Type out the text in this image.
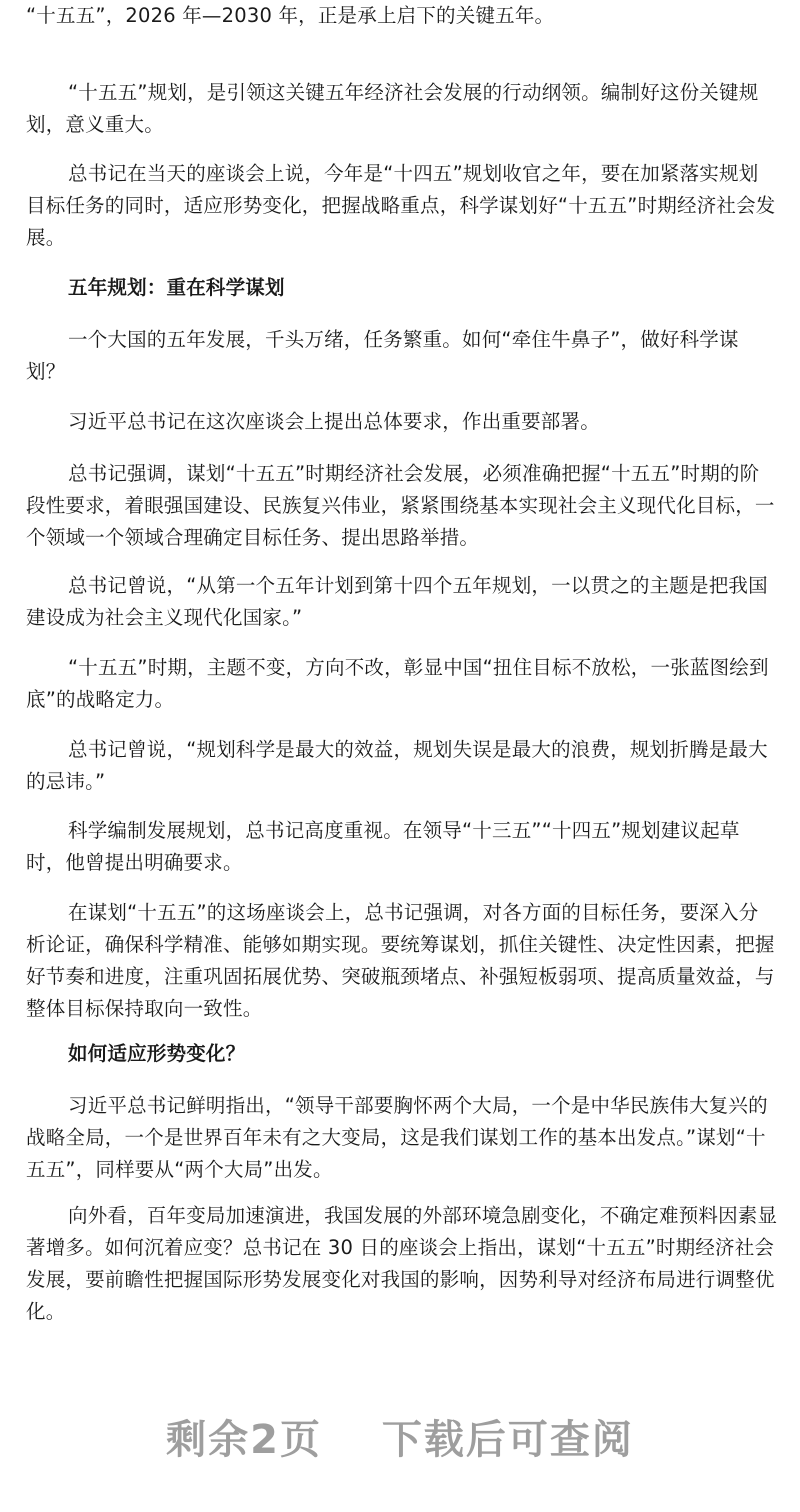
“十五五”，2026 年—2030 年，正是承上启下的关键五年。

“十五五”规划，是引领这关键五年经济社会发展的行动纲领。编制好这份关键规划，意义重大。

总书记在当天的座谈会上说，今年是“十四五”规划收官之年，要在加紧落实规划目标任务的同时，适应形势变化，把握战略重点，科学谋划好“十五五”时期经济社会发展。

五年规划：重在科学谋划

一个大国的五年发展，千头万绪，任务繁重。如何“牵住牛鼻子”，做好科学谋划？

习近平总书记在这次座谈会上提出总体要求，作出重要部署。

总书记强调，谋划“十五五”时期经济社会发展，必须准确把握“十五五”时期的阶段性要求，着眼强国建设、民族复兴伟业，紧紧围绕基本实现社会主义现代化目标，一个领域一个领域合理确定目标任务、提出思路举措。

总书记曾说，“从第一个五年计划到第十四个五年规划，一以贯之的主题是把我国建设成为社会主义现代化国家。”

“十五五”时期，主题不变，方向不改，彰显中国“扭住目标不放松，一张蓝图绘到底”的战略定力。

总书记曾说，“规划科学是最大的效益，规划失误是最大的浪费，规划折腾是最大的忌讳。”

科学编制发展规划，总书记高度重视。在领导“十三五”“十四五”规划建议起草时，他曾提出明确要求。

在谋划“十五五”的这场座谈会上，总书记强调，对各方面的目标任务，要深入分析论证，确保科学精准、能够如期实现。要统筹谋划，抓住关键性、决定性因素，把握好节奏和进度，注重巩固拓展优势、突破瓶颈堵点、补强短板弱项、提高质量效益，与整体目标保持取向一致性。

如何适应形势变化？

习近平总书记鲜明指出，“领导干部要胸怀两个大局，一个是中华民族伟大复兴的战略全局，一个是世界百年未有之大变局，这是我们谋划工作的基本出发点。”谋划“十五五”，同样要从“两个大局”出发。

向外看，百年变局加速演进，我国发展的外部环境急剧变化，不确定难预料因素显著增多。如何沉着应变？总书记在 30 日的座谈会上指出，谋划“十五五”时期经济社会发展，要前瞻性把握国际形势发展变化对我国的影响，因势利导对经济布局进行调整优化。

剩余2页 下载后可查阅
